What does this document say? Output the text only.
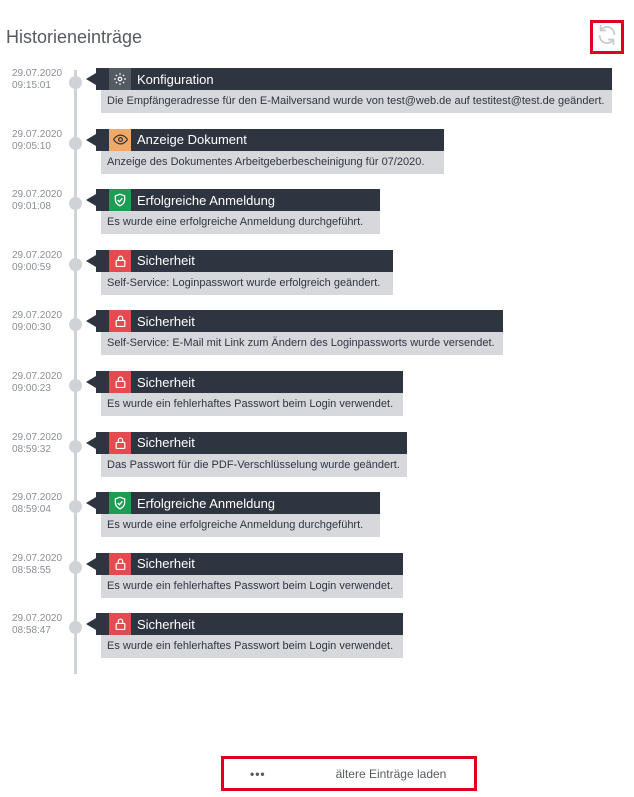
Historieneinträge
29.07.2020
09:15:01	Konfiguration
Die Empfängeradresse für den E-Mailversand wurde von test@web.de auf testitest@test.de geändert.
29.07.2020
09:05:10	Anzeige Dokument
Anzeige des Dokumentes Arbeitgeberbescheinigung für 07/2020.
29.07.2020
09:01:08	Erfolgreiche Anmeldung
Es wurde eine erfolgreiche Anmeldung durchgeführt.
29.07.2020
09:00:59	Sicherheit
Self-Service: Loginpasswort wurde erfolgreich geändert.
29.07.2020
09:00:30	Sicherheit
Self-Service: E-Mail mit Link zum Ändern des Loginpassworts wurde versendet.
29.07.2020
09:00:23	Sicherheit
Es wurde ein fehlerhaftes Passwort beim Login verwendet.
29.07.2020
08:59:32	Sicherheit
Das Passwort für die PDF-Verschlüsselung wurde geändert.
29.07.2020
08:59:04	Erfolgreiche Anmeldung
Es wurde eine erfolgreiche Anmeldung durchgeführt.
29.07.2020
08:58:55	Sicherheit
Es wurde ein fehlerhaftes Passwort beim Login verwendet.
29.07.2020
08:58:47	Sicherheit
Es wurde ein fehlerhaftes Passwort beim Login verwendet.
•••	ältere Einträge laden
